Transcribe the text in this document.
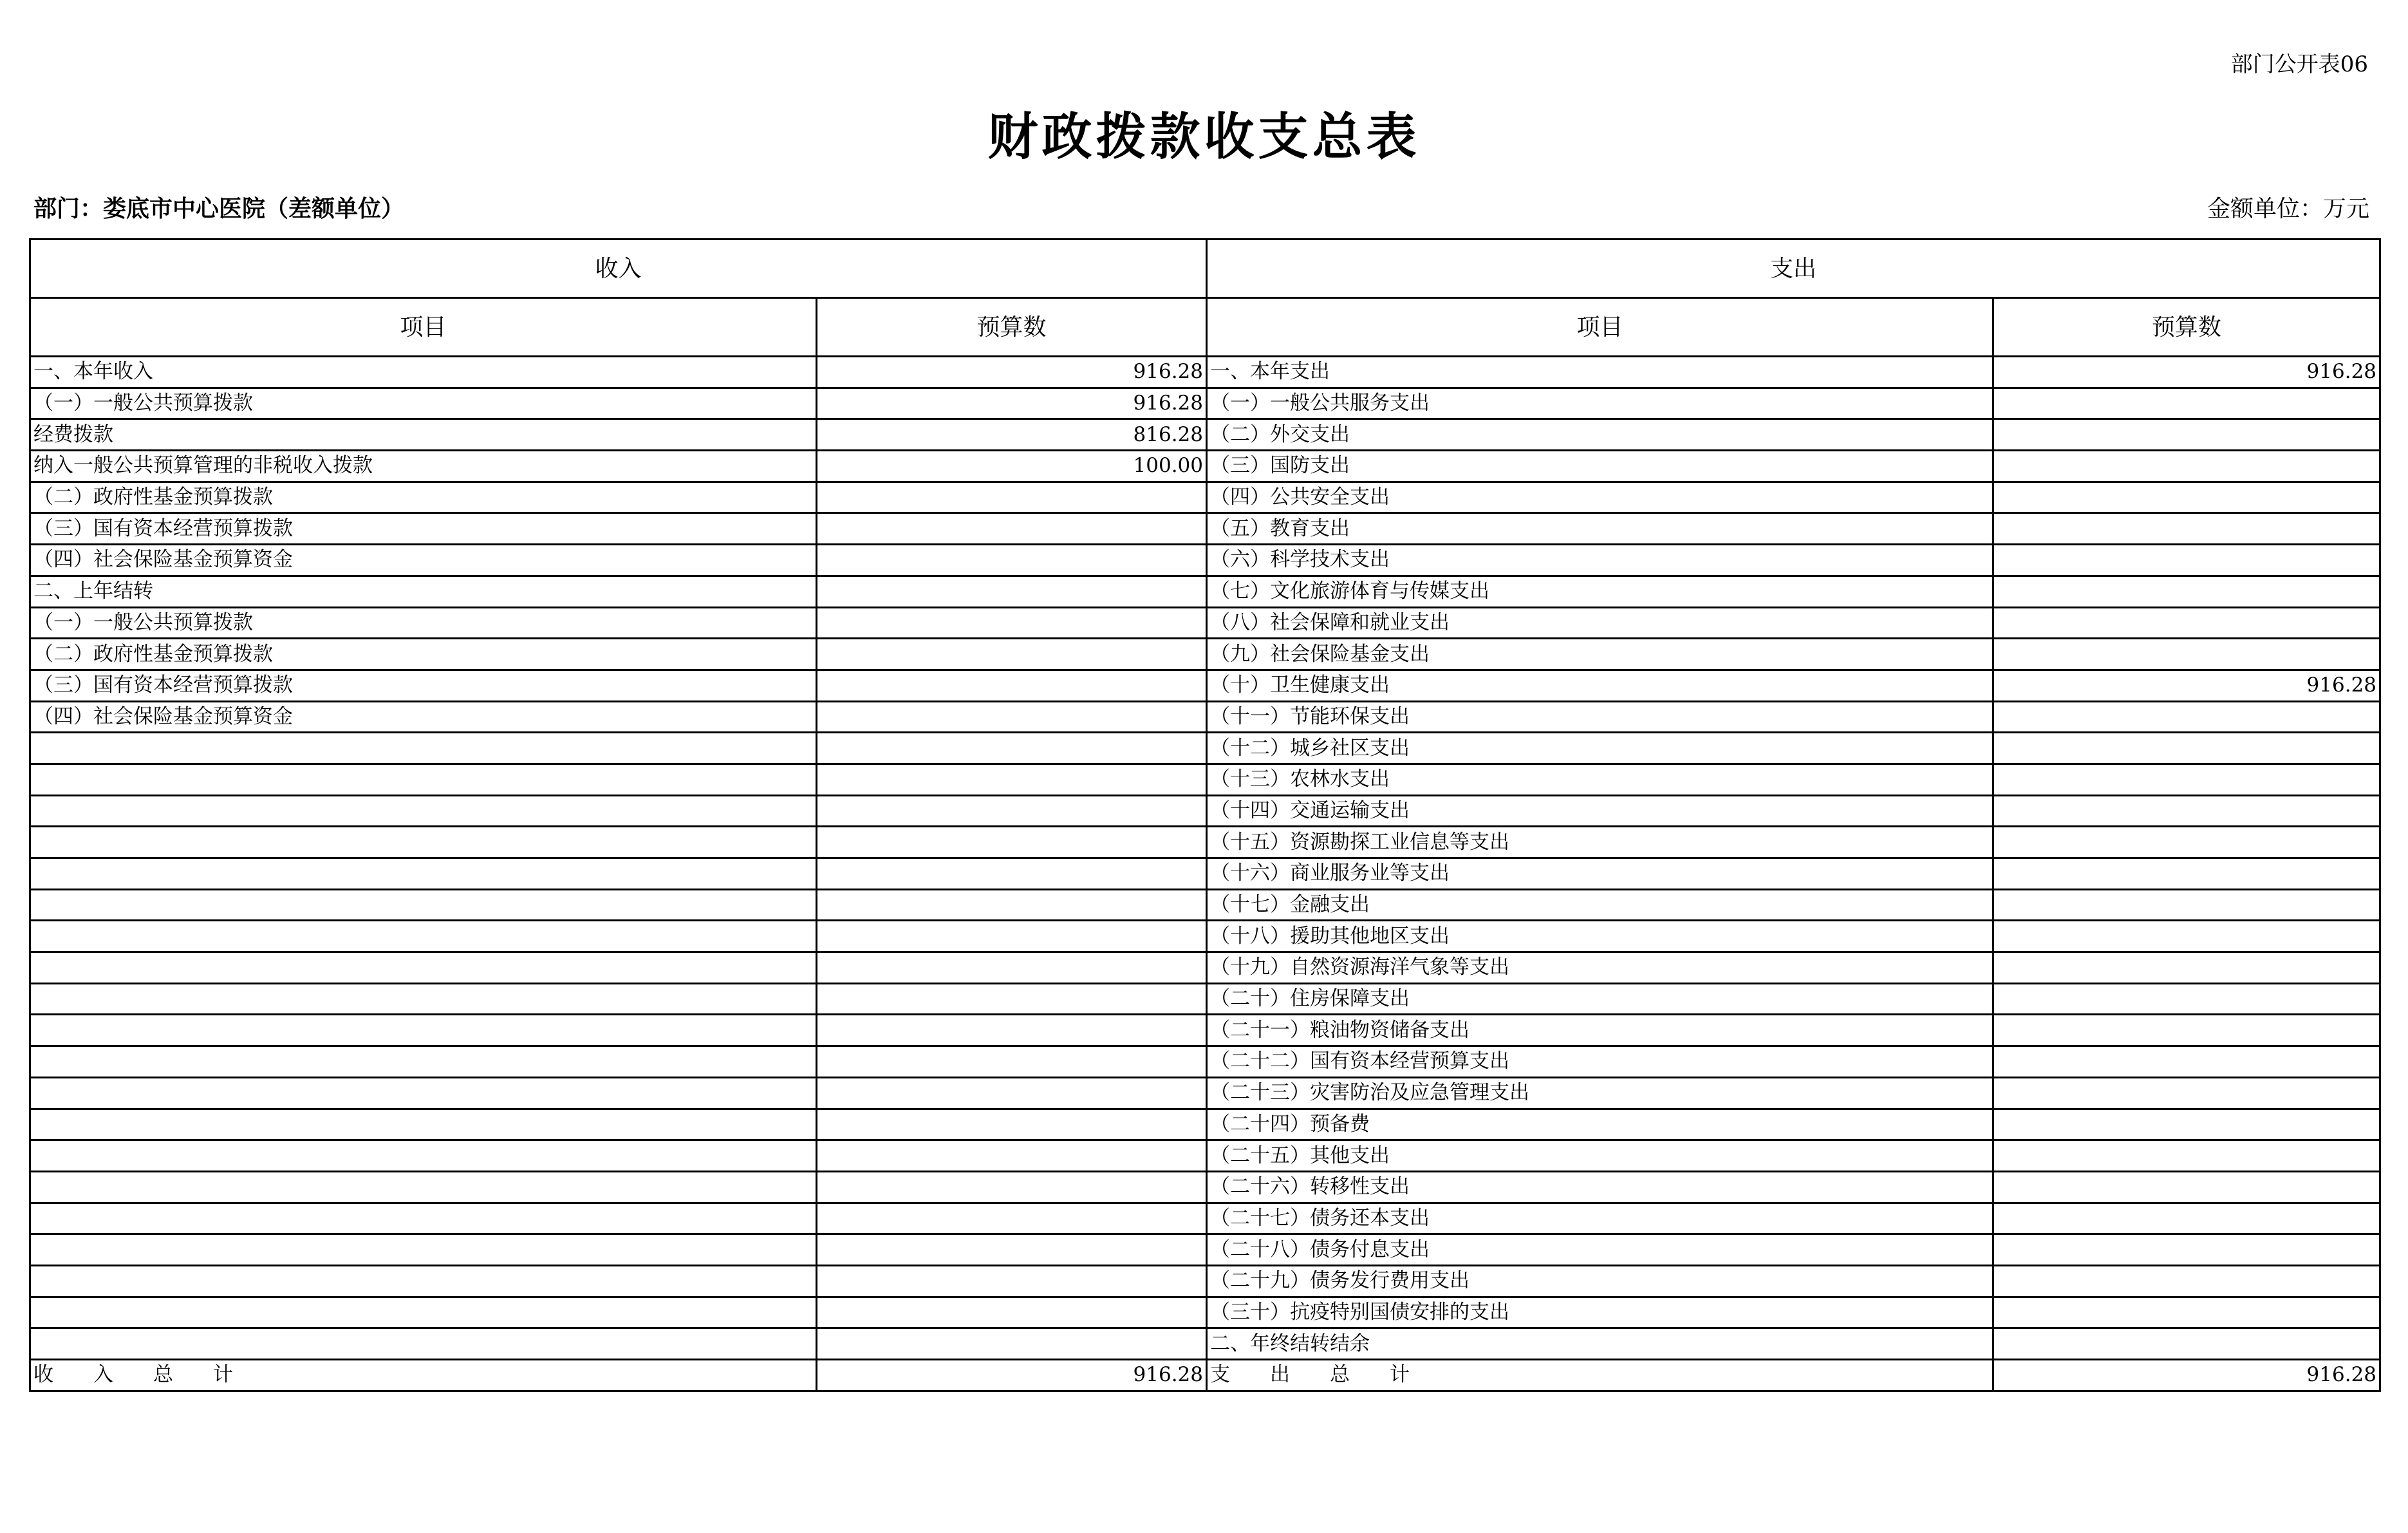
部门公开表06
财政拨款收支总表
部门：娄底市中心医院（差额单位）	金额单位：万元
收入		支出	
项目	预算数	项目	预算数
一、本年收入	916.28	一、本年支出	916.28
（一）一般公共预算拨款	916.28	（一）一般公共服务支出	
经费拨款	816.28	（二）外交支出	
纳入一般公共预算管理的非税收入拨款	100.00	（三）国防支出	
（二）政府性基金预算拨款		（四）公共安全支出	
（三）国有资本经营预算拨款		（五）教育支出	
（四）社会保险基金预算资金		（六）科学技术支出	
二、上年结转		（七）文化旅游体育与传媒支出	
（一）一般公共预算拨款		（八）社会保障和就业支出	
（二）政府性基金预算拨款		（九）社会保险基金支出	
（三）国有资本经营预算拨款		（十）卫生健康支出	916.28
（四）社会保险基金预算资金		（十一）节能环保支出	
		（十二）城乡社区支出	
		（十三）农林水支出	
		（十四）交通运输支出	
		（十五）资源勘探工业信息等支出	
		（十六）商业服务业等支出	
		（十七）金融支出	
		（十八）援助其他地区支出	
		（十九）自然资源海洋气象等支出	
		（二十）住房保障支出	
		（二十一）粮油物资储备支出	
		（二十二）国有资本经营预算支出	
		（二十三）灾害防治及应急管理支出	
		（二十四）预备费	
		（二十五）其他支出	
		（二十六）转移性支出	
		（二十七）债务还本支出	
		（二十八）债务付息支出	
		（二十九）债务发行费用支出	
		（三十）抗疫特别国债安排的支出	
		二、年终结转结余	
收　　入　　总　　计	916.28	支　　出　　总　　计	916.28
